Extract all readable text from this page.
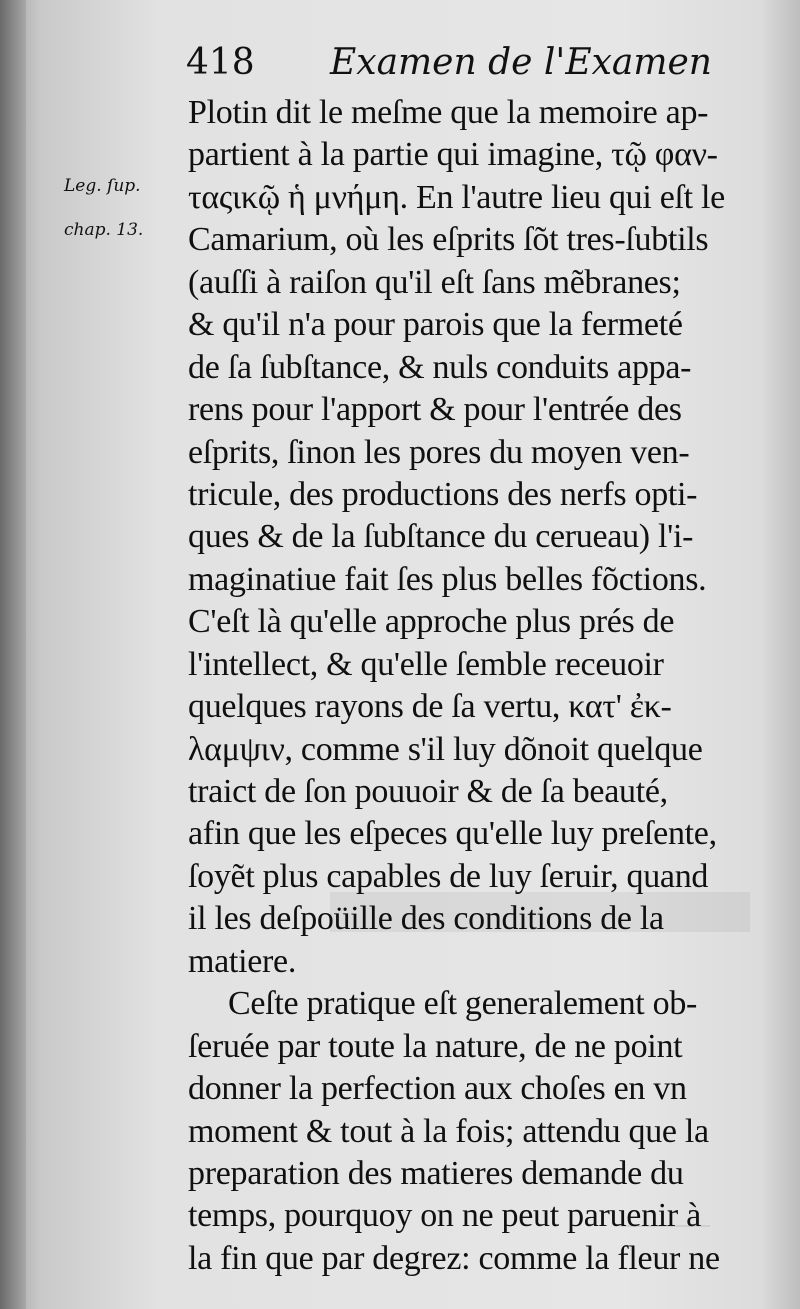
418 Examen de l'Examen
Leg. ſup.
chap. 13.
Plotin dit le meſme que la memoire ap-
partient à la partie qui imagine, τῷ φαν-
ταςικῷ ἡ μνήμη. En l'autre lieu qui eſt le
Camarium, où les eſprits ſõt tres-ſubtils
(auſſi à raiſon qu'il eſt ſans mẽbranes;
& qu'il n'a pour parois que la fermeté
de ſa ſubſtance, & nuls conduits appa-
rens pour l'apport & pour l'entrée des
eſprits, ſinon les pores du moyen ven-
tricule, des productions des nerfs opti-
ques & de la ſubſtance du cerueau) l'i-
maginatiue fait ſes plus belles fõctions.
C'eſt là qu'elle approche plus prés de
l'intellect, & qu'elle ſemble receuoir
quelques rayons de ſa vertu, κατ' ἐκ-
λαμψιν, comme s'il luy dõnoit quelque
traict de ſon pouuoir & de ſa beauté,
afin que les eſpeces qu'elle luy preſente,
ſoyẽt plus capables de luy ſeruir, quand
il les deſpoüille des conditions de la
matiere.
Ceſte pratique eſt generalement ob-
ſeruée par toute la nature, de ne point
donner la perfection aux choſes en vn
moment & tout à la fois; attendu que la
preparation des matieres demande du
temps, pourquoy on ne peut paruenir à
la fin que par degrez: comme la fleur ne
